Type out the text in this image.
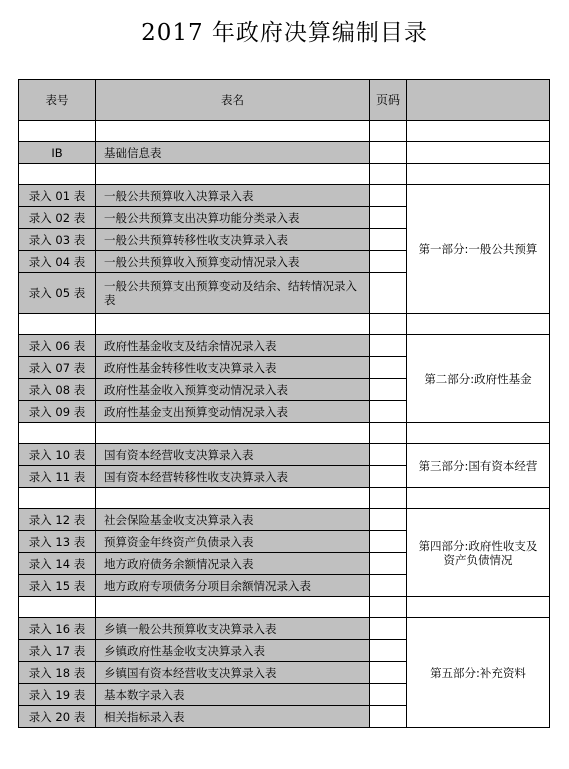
2017 年政府决算编制目录
表号	表名	页码	

IB	基础信息表		

录入 01 表	一般公共预算收入决算录入表		第一部分:一般公共预算
录入 02 表	一般公共预算支出决算功能分类录入表		
录入 03 表	一般公共预算转移性收支决算录入表		
录入 04 表	一般公共预算收入预算变动情况录入表		
录入 05 表	一般公共预算支出预算变动及结余、结转情况录入表		

录入 06 表	政府性基金收支及结余情况录入表		第二部分:政府性基金
录入 07 表	政府性基金转移性收支决算录入表		
录入 08 表	政府性基金收入预算变动情况录入表		
录入 09 表	政府性基金支出预算变动情况录入表		

录入 10 表	国有资本经营收支决算录入表		第三部分:国有资本经营
录入 11 表	国有资本经营转移性收支决算录入表		

录入 12 表	社会保险基金收支决算录入表		第四部分:政府性收支及资产负债情况
录入 13 表	预算资金年终资产负债录入表		
录入 14 表	地方政府债务余额情况录入表		
录入 15 表	地方政府专项债务分项目余额情况录入表		

录入 16 表	乡镇一般公共预算收支决算录入表		第五部分:补充资料
录入 17 表	乡镇政府性基金收支决算录入表		
录入 18 表	乡镇国有资本经营收支决算录入表		
录入 19 表	基本数字录入表		
录入 20 表	相关指标录入表		
